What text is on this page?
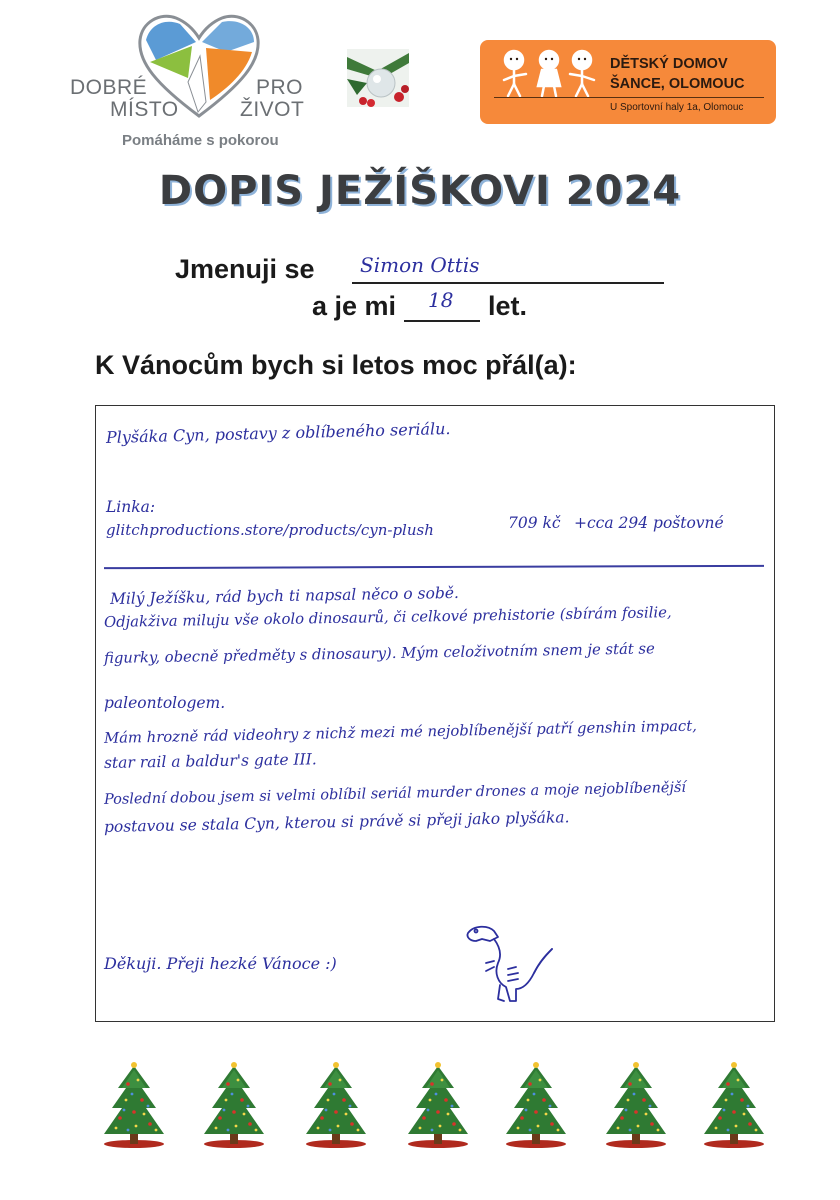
DOBRÉ
MÍSTO
PRO
ŽIVOT
Pomáháme s pokorou
DĚTSKÝ DOMOV
ŠANCE, OLOMOUC
U Sportovní haly 1a, Olomouc
DOPIS JEŽÍŠKOVI 2024
Jmenuji se Simon Ottis
a je mi 18 let.
K Vánocům bych si letos moc přál(a):
Plyšáka Cyn, postavy z oblíbeného seriálu.
Linka:
glitchproductions.store/products/cyn-plush	709 kč +cca 294 poštovné
Milý Ježíšku, rád bych ti napsal něco o sobě.
Odjakživa miluju vše okolo dinosaurů, či celkové prehistorie (sbírám fosilie,
figurky, obecně předměty s dinosaury). Mým celoživotním snem je stát se
paleontologem.
Mám hrozně rád videohry z nichž mezi mé nejoblíbenější patří genshin impact,
star rail a baldur's gate III.
Poslední dobou jsem si velmi oblíbil seriál murder drones a moje nejoblíbenější
postavou se stala Cyn, kterou si právě si přeji jako plyšáka.
Děkuji. Přeji hezké Vánoce :)
